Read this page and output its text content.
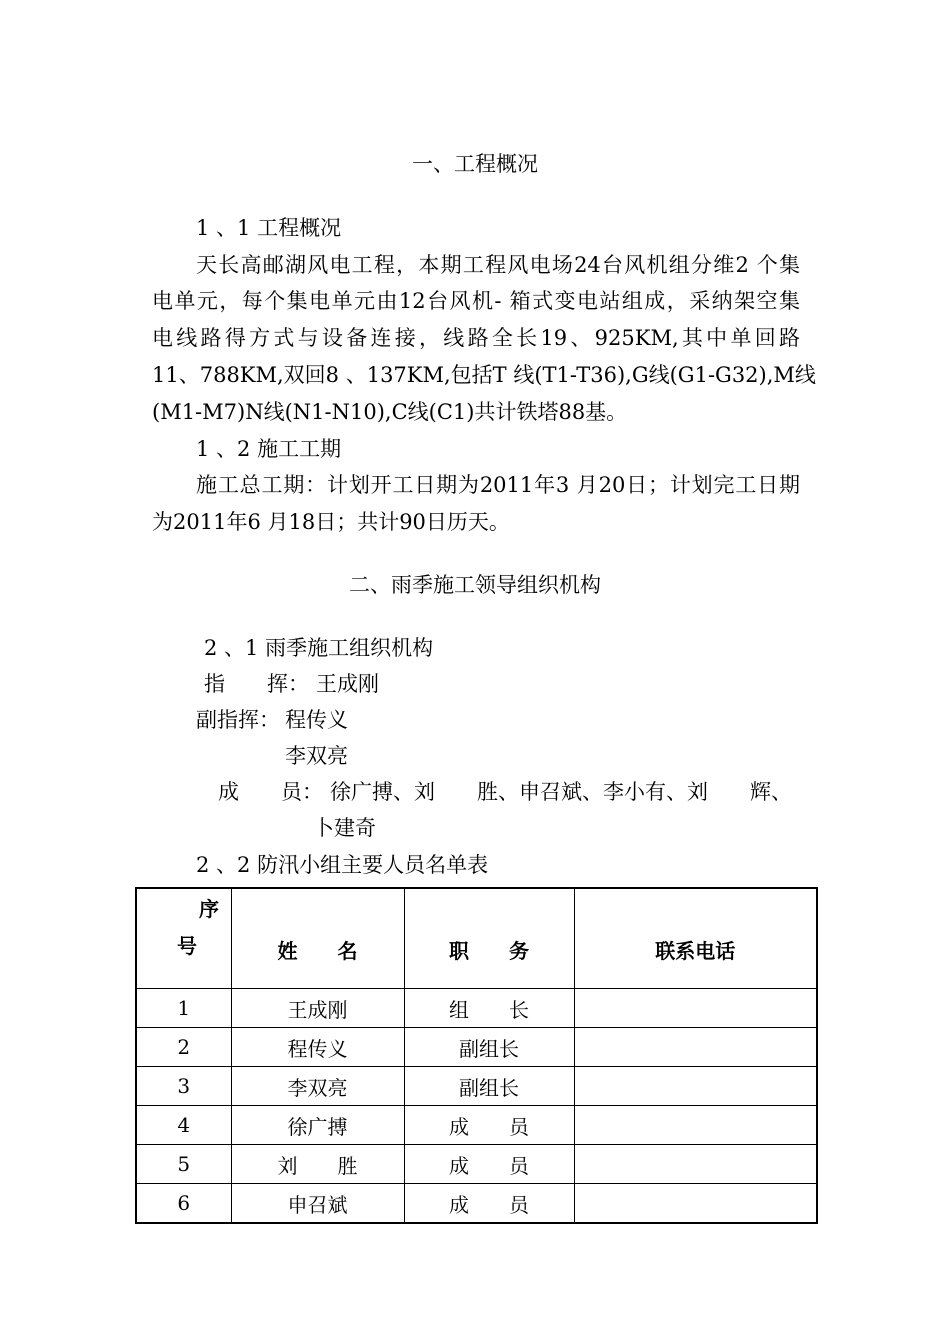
一、工程概况
1 、1 工程概况
天长高邮湖风电工程，本期工程风电场24台风机组分维2 个集
电单元，每个集电单元由12台风机- 箱式变电站组成，采纳架空集
电线路得方式与设备连接，线路全长19、925KM,其中单回路
11、788KM,双回8 、137KM,包括T 线(T1-T36),G线(G1-G32),M线
(M1-M7)N线(N1-N10),C线(C1)共计铁塔88基。
1 、2 施工工期
施工总工期：计划开工日期为2011年3 月20日；计划完工日期
为2011年6 月18日；共计90日历天。
二、雨季施工领导组织机构
2 、1 雨季施工组织机构
指　　挥： 王成刚
副指挥： 程传义
李双亮
成　　员： 徐广搏、刘　　胜、申召斌、李小有、刘　　辉、
卜建奇
2 、2 防汛小组主要人员名单表
序
号	姓　　名	职　　务	联系电话
1	王成刚	组　　长	
2	程传义	副组长	
3	李双亮	副组长	
4	徐广搏	成　　员	
5	刘　　胜	成　　员	
6	申召斌	成　　员	
